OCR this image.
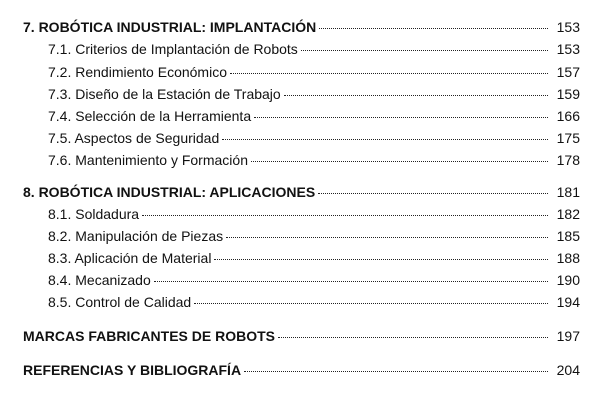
7. ROBÓTICA INDUSTRIAL: IMPLANTACIÓN	153
7.1. Criterios de Implantación de Robots	153
7.2. Rendimiento Económico	157
7.3. Diseño de la Estación de Trabajo	159
7.4. Selección de la Herramienta	166
7.5. Aspectos de Seguridad	175
7.6. Mantenimiento y Formación	178
8. ROBÓTICA INDUSTRIAL: APLICACIONES	181
8.1. Soldadura	182
8.2. Manipulación de Piezas	185
8.3. Aplicación de Material	188
8.4. Mecanizado	190
8.5. Control de Calidad	194
MARCAS FABRICANTES DE ROBOTS	197
REFERENCIAS Y BIBLIOGRAFÍA	204
